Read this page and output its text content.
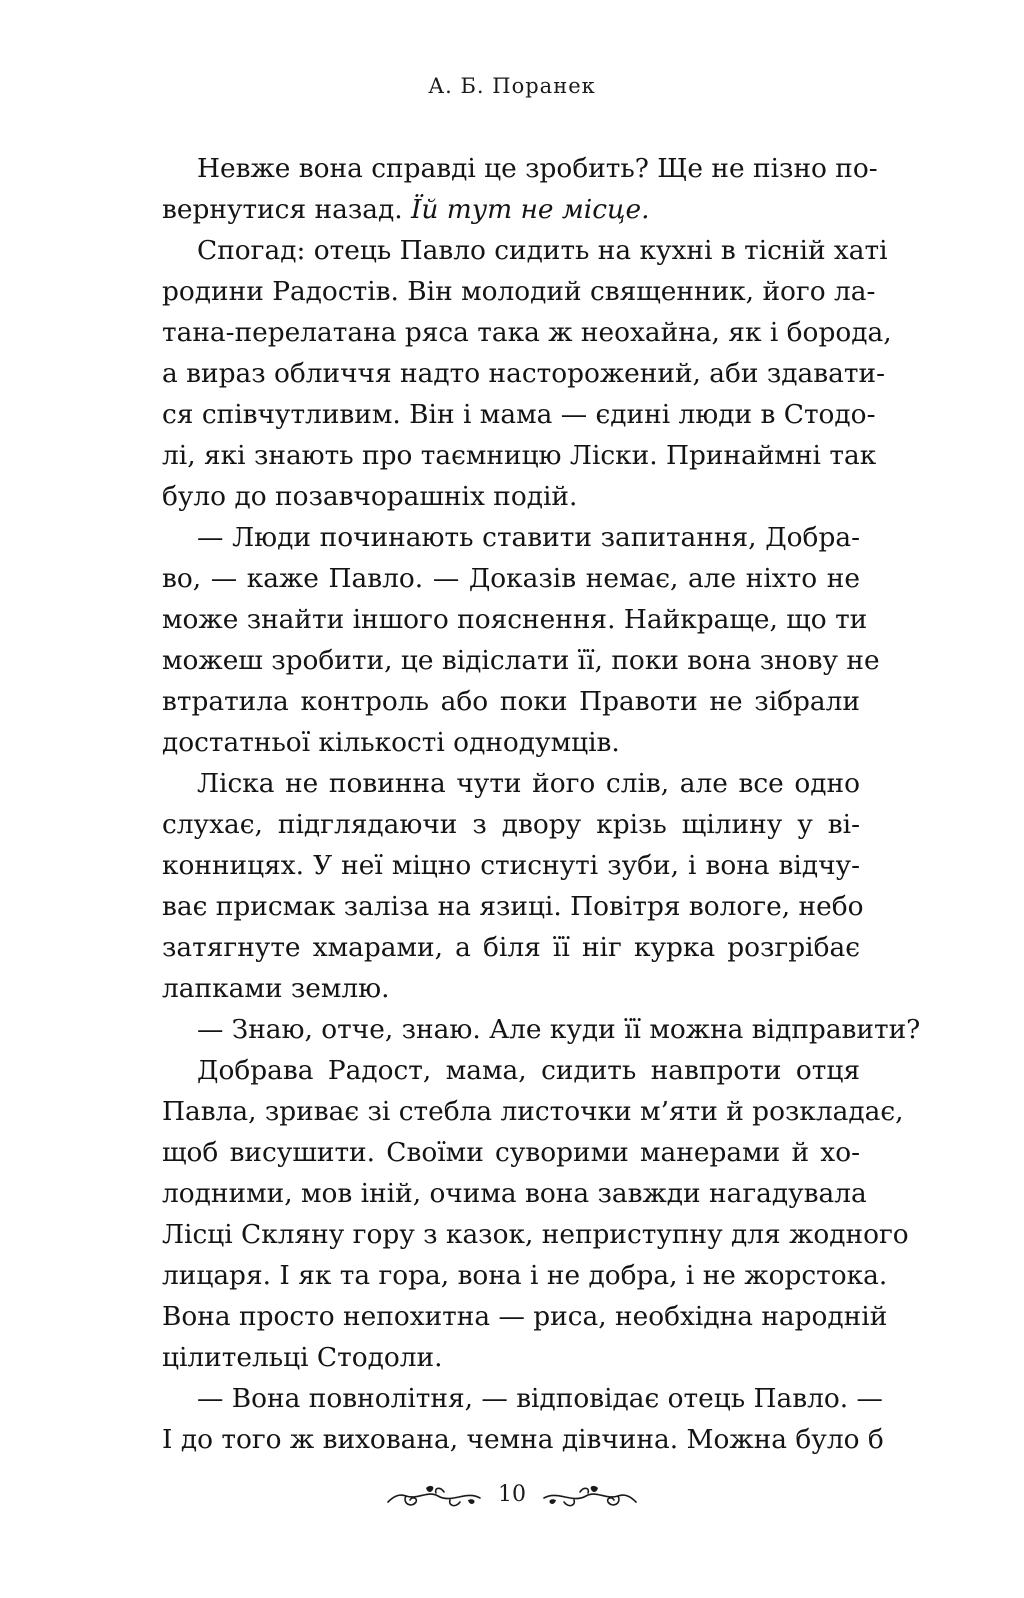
А. Б. Поранек

Невже вона справді це зробить? Ще не пізно по-
вернутися назад. Їй тут не місце.

Спогад: отець Павло сидить на кухні в тісній хаті
родини Радостів. Він молодий священник, його ла-
тана-перелатана ряса така ж неохайна, як і борода,
а вираз обличчя надто насторожений, аби здавати-
ся співчутливим. Він і мама — єдині люди в Стодо-
лі, які знають про таємницю Ліски. Принаймні так
було до позавчорашніх подій.

— Люди починають ставити запитання, Добра-
во, — каже Павло. — Доказів немає, але ніхто не
може знайти іншого пояснення. Найкраще, що ти
можеш зробити, це відіслати її, поки вона знову не
втратила контроль або поки Правоти не зібрали
достатньої кількості однодумців.

Ліска не повинна чути його слів, але все одно
слухає, підглядаючи з двору крізь щілину у ві-
конницях. У неї міцно стиснуті зуби, і вона відчу-
ває присмак заліза на язиці. Повітря вологе, небо
затягнуте хмарами, а біля її ніг курка розгрібає
лапками землю.

— Знаю, отче, знаю. Але куди її можна відправити?

Добрава Радост, мама, сидить навпроти отця
Павла, зриває зі стебла листочки м’яти й розкладає,
щоб висушити. Своїми суворими манерами й хо-
лодними, мов іній, очима вона завжди нагадувала
Лісці Скляну гору з казок, неприступну для жодного
лицаря. І як та гора, вона і не добра, і не жорстока.
Вона просто непохитна — риса, необхідна народній
цілительці Стодоли.

— Вона повнолітня, — відповідає отець Павло. —
І до того ж вихована, чемна дівчина. Можна було б

10
